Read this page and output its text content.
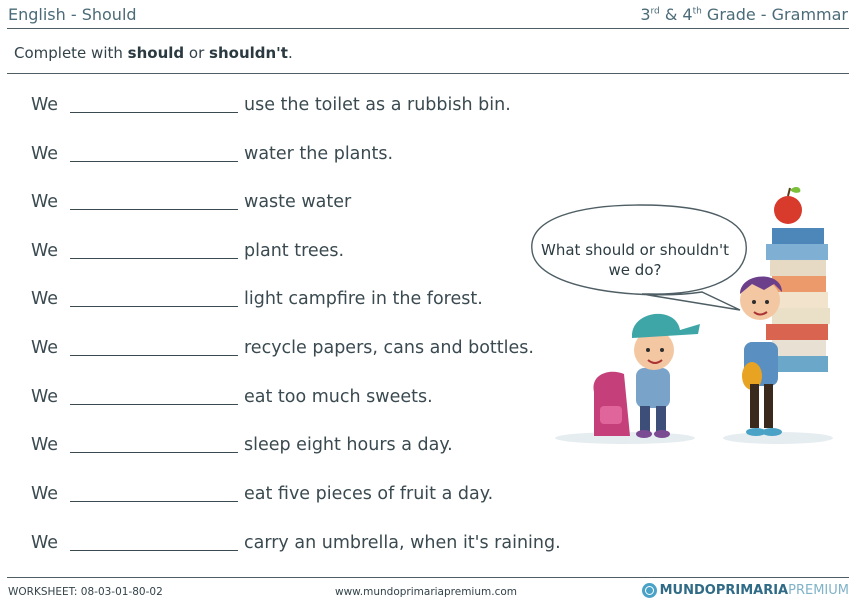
English - Should	3rd & 4th Grade - Grammar
Complete with should or shouldn't.
We	use the toilet as a rubbish bin.
We	water the plants.
We	waste water
We	plant trees.
We	light campfire in the forest.
We	recycle papers, cans and bottles.
We	eat too much sweets.
We	sleep eight hours a day.
We	eat five pieces of fruit a day.
We	carry an umbrella, when it's raining.
What should or shouldn't
we do?
WORKSHEET: 08-03-01-80-02	www.mundoprimariapremium.com	MUNDOPRIMARIA PREMIUM
